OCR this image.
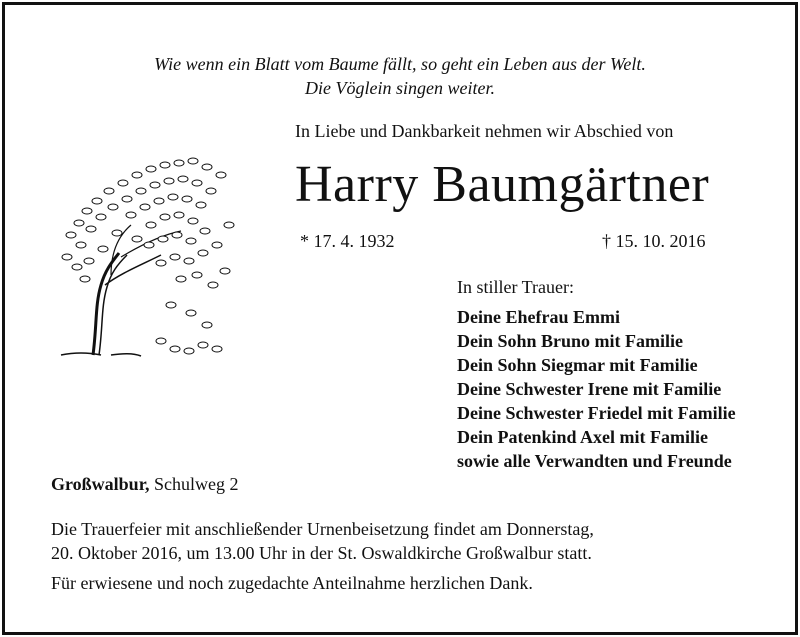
Wie wenn ein Blatt vom Baume fällt, so geht ein Leben aus der Welt.
Die Vöglein singen weiter.
In Liebe und Dankbarkeit nehmen wir Abschied von
Harry Baumgärtner
* 17. 4. 1932	† 15. 10. 2016
In stiller Trauer:
Deine Ehefrau Emmi
Dein Sohn Bruno mit Familie
Dein Sohn Siegmar mit Familie
Deine Schwester Irene mit Familie
Deine Schwester Friedel mit Familie
Dein Patenkind Axel mit Familie
sowie alle Verwandten und Freunde
Großwalbur, Schulweg 2
Die Trauerfeier mit anschließender Urnenbeisetzung findet am Donnerstag,
20. Oktober 2016, um 13.00 Uhr in der St. Oswaldkirche Großwalbur statt.
Für erwiesene und noch zugedachte Anteilnahme herzlichen Dank.
